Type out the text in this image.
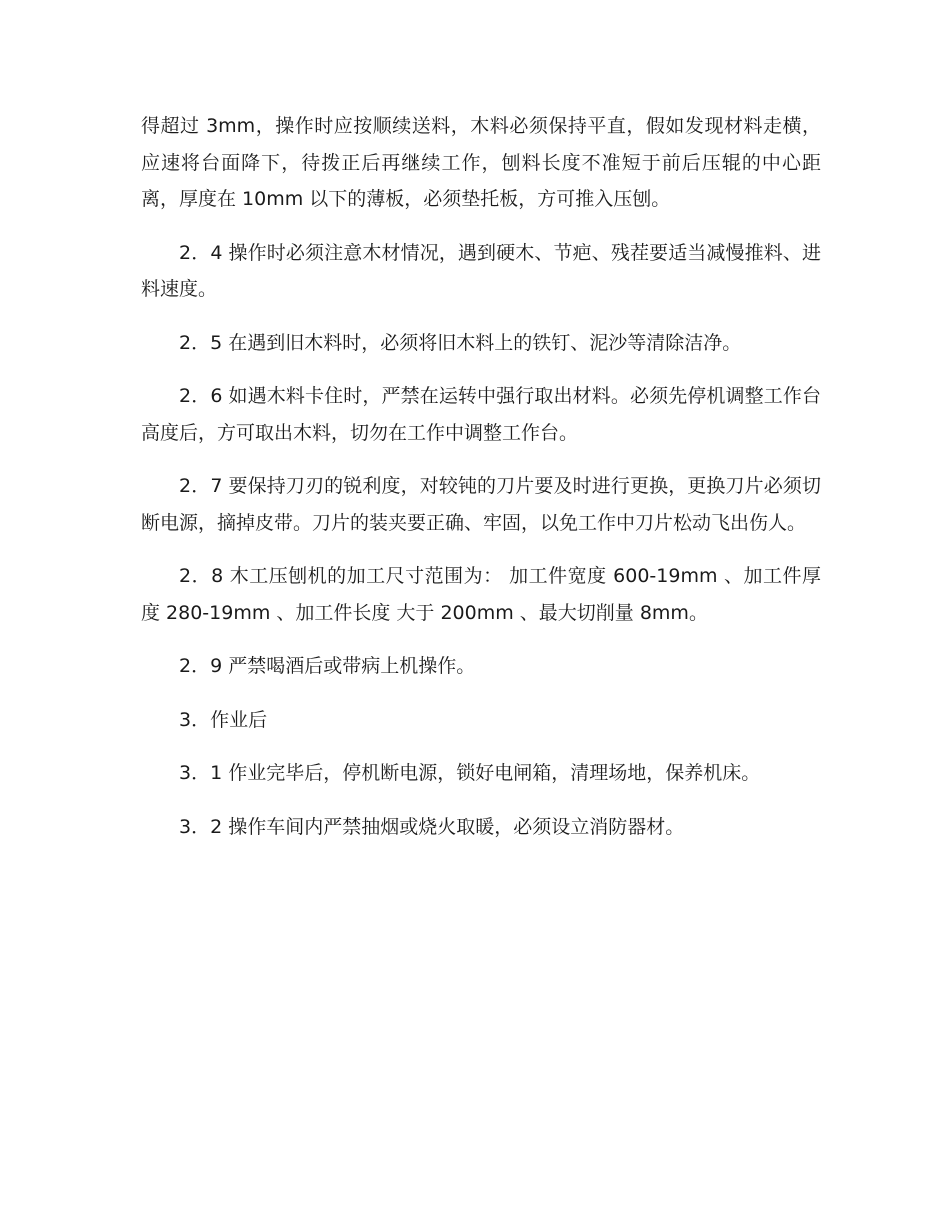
得超过 3mm，操作时应按顺续送料，木料必须保持平直，假如发现材料走横，应速将台面降下，待拨正后再继续工作，刨料长度不准短于前后压辊的中心距离，厚度在 10mm 以下的薄板，必须垫托板，方可推入压刨。

2．4 操作时必须注意木材情况，遇到硬木、节疤、残茬要适当减慢推料、进料速度。

2．5 在遇到旧木料时，必须将旧木料上的铁钉、泥沙等清除洁净。

2．6 如遇木料卡住时，严禁在运转中强行取出材料。必须先停机调整工作台高度后，方可取出木料，切勿在工作中调整工作台。

2．7 要保持刀刃的锐利度，对较钝的刀片要及时进行更换，更换刀片必须切断电源，摘掉皮带。刀片的装夹要正确、牢固，以免工作中刀片松动飞出伤人。

2．8 木工压刨机的加工尺寸范围为： 加工件宽度 600-19mm 、加工件厚度 280-19mm 、加工件长度 大于 200mm 、最大切削量 8mm。

2．9 严禁喝酒后或带病上机操作。

3．作业后

3．1 作业完毕后，停机断电源，锁好电闸箱，清理场地，保养机床。

3．2 操作车间内严禁抽烟或烧火取暖，必须设立消防器材。
